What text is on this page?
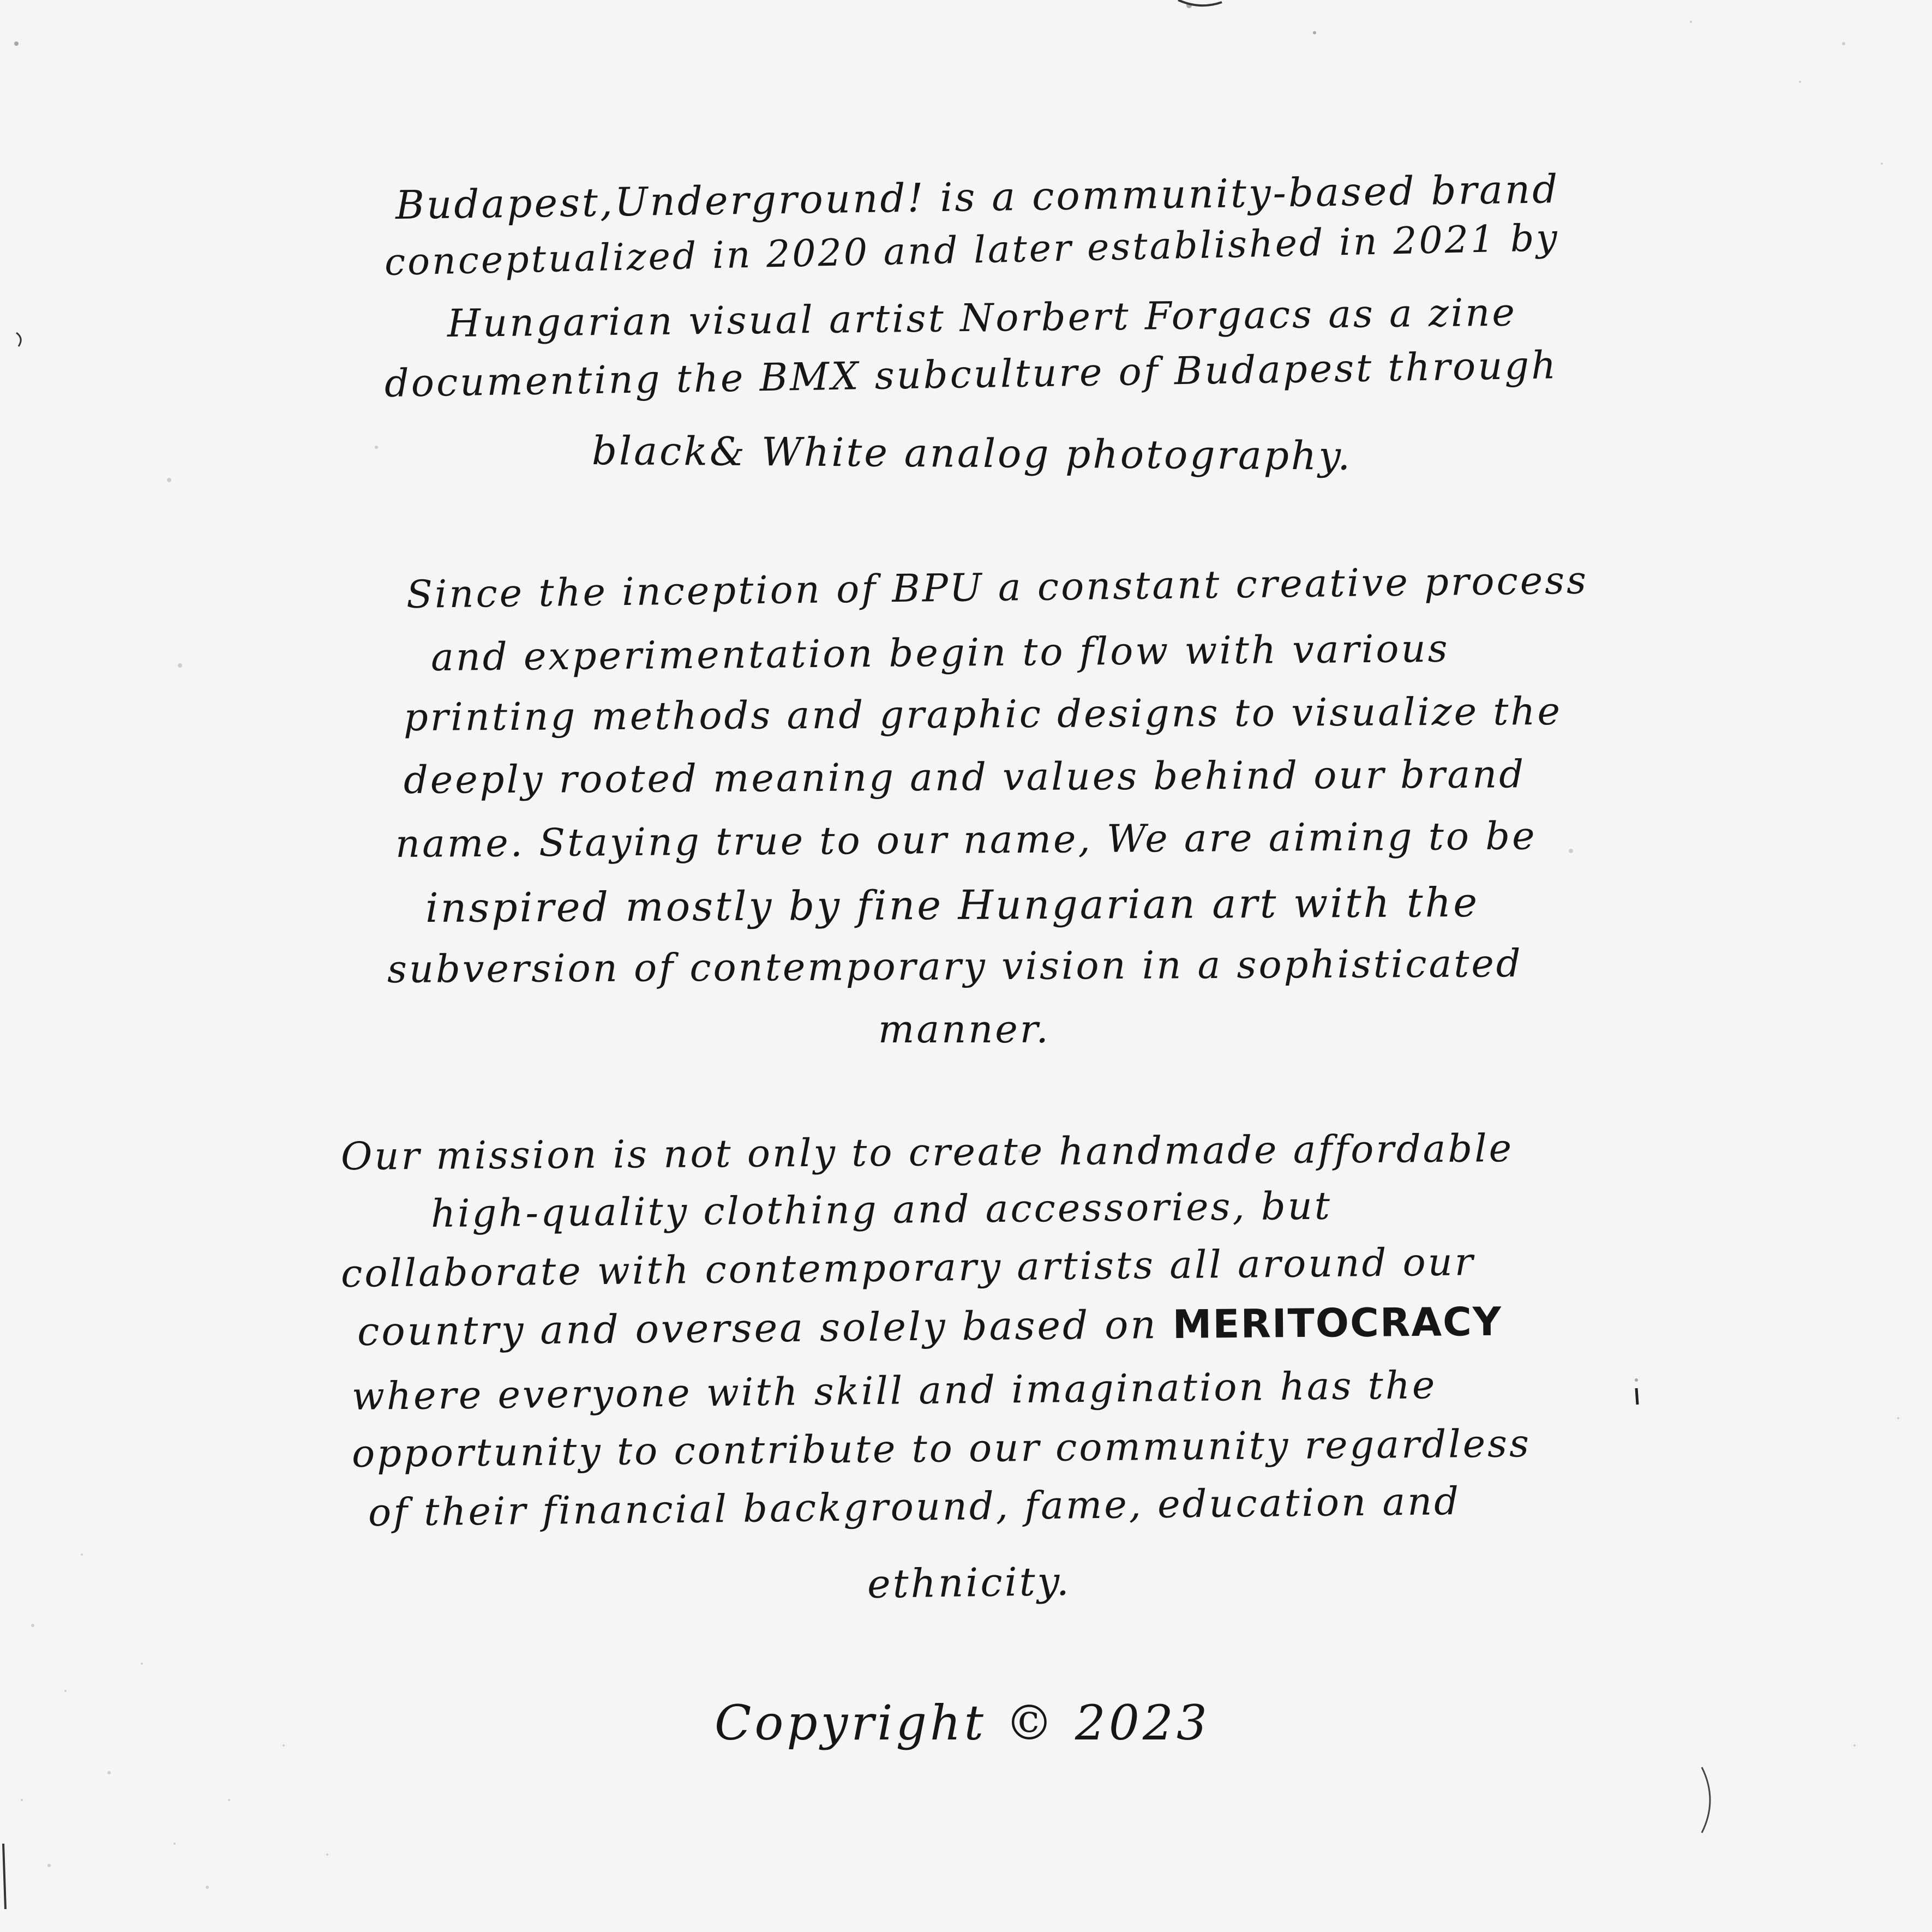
Budapest,Underground! is a community-based brand
conceptualized in 2020 and later established in 2021 by
Hungarian visual artist Norbert Forgacs as a zine
documenting the BMX subculture of Budapest through
black& White analog photography.
Since the inception of BPU a constant creative process
and experimentation begin to flow with various
printing methods and graphic designs to visualize the
deeply rooted meaning and values behind our brand
name. Staying true to our name, We are aiming to be
inspired mostly by fine Hungarian art with the
subversion of contemporary vision in a sophisticated
manner.
Our mission is not only to create handmade affordable
high-quality clothing and accessories, but
collaborate with contemporary artists all around our
country and oversea solely based on MERITOCRACY
where everyone with skill and imagination has the
opportunity to contribute to our community regardless
of their financial background, fame, education and
ethnicity.
Copyright © 2023
